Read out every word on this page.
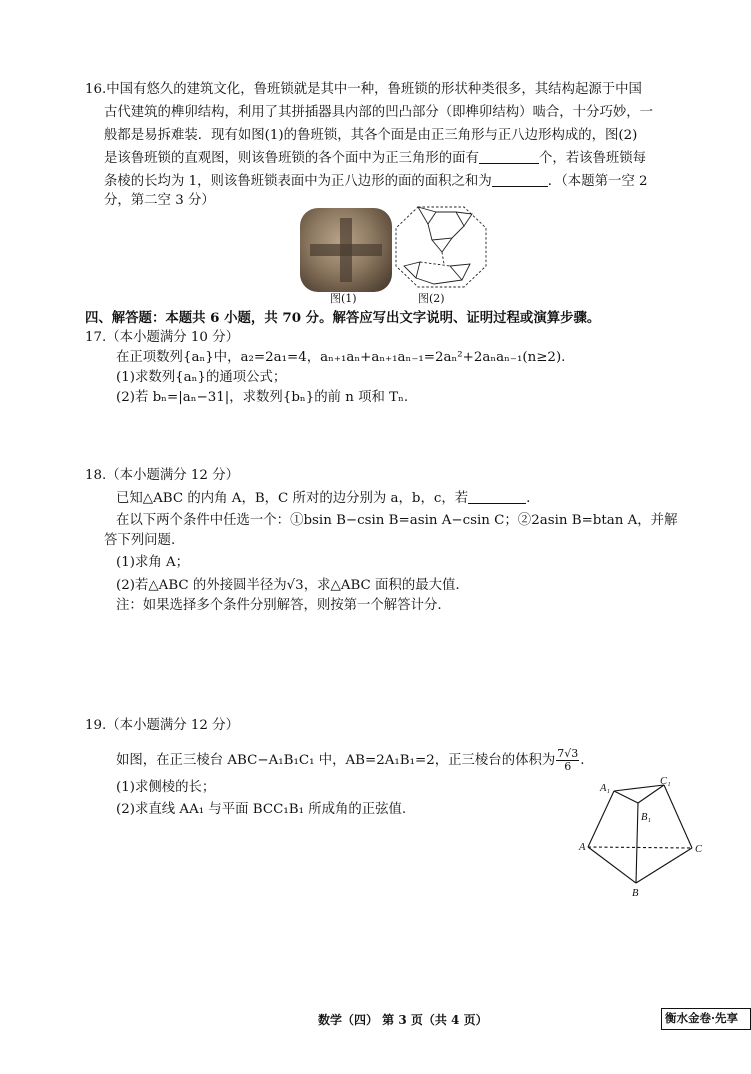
16.中国有悠久的建筑文化，鲁班锁就是其中一种，鲁班锁的形状种类很多，其结构起源于中国
古代建筑的榫卯结构，利用了其拼插器具内部的凹凸部分（即榫卯结构）啮合，十分巧妙，一
般都是易拆难装．现有如图(1)的鲁班锁，其各个面是由正三角形与正八边形构成的，图(2)
是该鲁班锁的直观图，则该鲁班锁的各个面中为正三角形的面有	个，若该鲁班锁每
条棱的长均为 1，则该鲁班锁表面中为正八边形的面的面积之和为	．（本题第一空 2
分，第二空 3 分）
图(1)	图(2)
四、解答题：本题共 6 小题，共 70 分。解答应写出文字说明、证明过程或演算步骤。
17.（本小题满分 10 分）
在正项数列{aₙ}中，a₂=2a₁=4，aₙ₊₁aₙ+aₙ₊₁aₙ₋₁=2aₙ²+2aₙaₙ₋₁(n≥2).
(1)求数列{aₙ}的通项公式；
(2)若 bₙ=|aₙ−31|，求数列{bₙ}的前 n 项和 Tₙ.
18.（本小题满分 12 分）
已知△ABC 的内角 A，B，C 所对的边分别为 a，b，c，若	.
在以下两个条件中任选一个：①bsin B−csin B=asin A−csin C；②2asin B=btan A，并解
答下列问题.
(1)求角 A；
(2)若△ABC 的外接圆半径为√3，求△ABC 面积的最大值.
注：如果选择多个条件分别解答，则按第一个解答计分.
19.（本小题满分 12 分）
如图，在正三棱台 ABC−A₁B₁C₁ 中，AB=2A₁B₁=2，正三棱台的体积为 $\frac{7√3}{6}$ .
(1)求侧棱的长；
(2)求直线 AA₁ 与平面 BCC₁B₁ 所成角的正弦值.
A₁
C₁
B₁
A	C
B
数学（四） 第 3 页（共 4 页）	衡水金卷·先享
